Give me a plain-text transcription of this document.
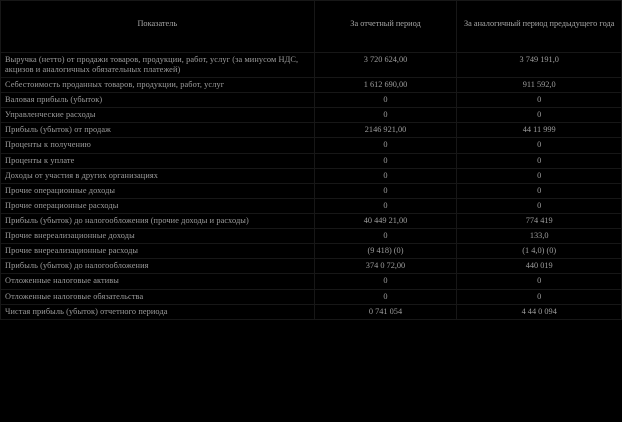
Показатель	За отчетный период	За аналогичный период предыдущего года
Выручка (нетто) от продажи товаров, продукции, работ, услуг (за минусом НДС, акцизов и аналогичных обязательных платежей)	3 720 624,00	3 749 191,0
Себестоимость проданных товаров, продукции, работ, услуг	1 612 690,00	911 592,0
Валовая прибыль (убыток)	0	0
Управленческие расходы	0	0
Прибыль (убыток) от продаж	2146 921,00	44 11 999
Проценты к получению	0	0
Проценты к уплате	0	0
Доходы от участия в других организациях	0	0
Прочие операционные доходы	0	0
Прочие операционные расходы	0	0
Прибыль (убыток) до налогообложения (прочие доходы и расходы)	40 449 21,00	774 419
Прочие внереализационные доходы	0	133,0
Прочие внереализационные расходы	(9 418) (0)	(1 4,0) (0)
Прибыль (убыток) до налогообложения	374 0 72,00	440 019
Отложенные налоговые активы	0	0
Отложенные налоговые обязательства	0	0
Чистая прибыль (убыток) отчетного периода	0 741 054	4 44 0 094
